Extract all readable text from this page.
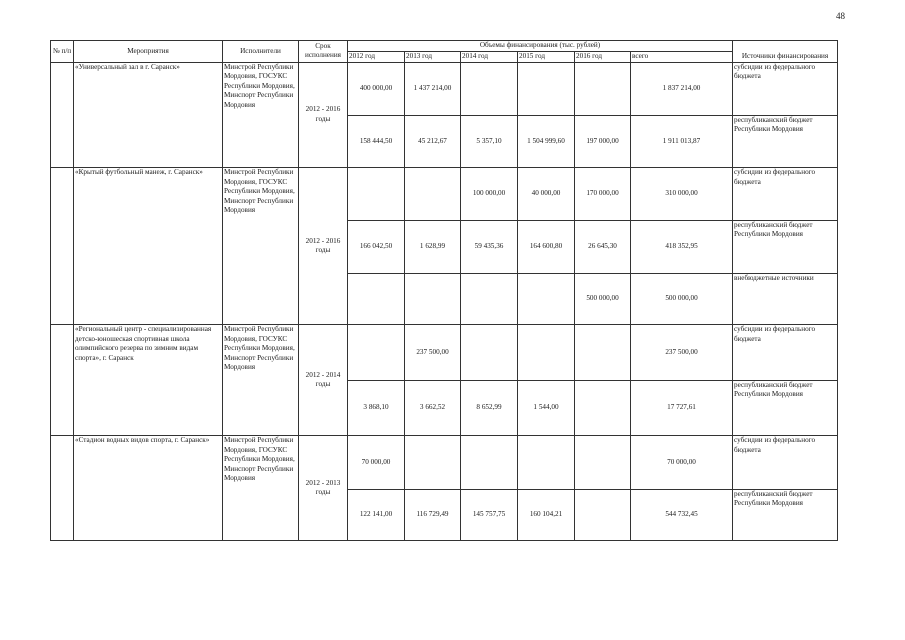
48
№ п/п	Мероприятия	Исполнители	Срок исполнения	Объемы финансирования (тыс. рублей)						Источники финансирования
				2012 год	2013 год	2014 год	2015 год	2016 год	всего	
	«Универсальный зал в г. Саранск»	Минстрой Республики Мордовия, ГОСУКС Республики Мордовия, Минспорт Республики Мордовия	2012 - 2016 годы	400 000,00	1 437 214,00				1 837 214,00	субсидии из федерального бюджета
				158 444,50	45 212,67	5 357,10	1 504 999,60	197 000,00	1 911 013,87	республиканский бюджет Республики Мордовия
	«Крытый футбольный манеж, г. Саранск»	Минстрой Республики Мордовия, ГОСУКС Республики Мордовия, Минспорт Республики Мордовия	2012 - 2016 годы			100 000,00	40 000,00	170 000,00	310 000,00	субсидии из федерального бюджета
				166 042,50	1 628,99	59 435,36	164 600,80	26 645,30	418 352,95	республиканский бюджет Республики Мордовия
								500 000,00	500 000,00	внебюджетные источники
	«Региональный центр - специализированная детско-юношеская спортивная школа олимпийского резерва по зимним видам спорта», г. Саранск	Минстрой Республики Мордовия, ГОСУКС Республики Мордовия, Минспорт Республики Мордовия	2012 - 2014 годы		237 500,00				237 500,00	субсидии из федерального бюджета
				3 868,10	3 662,52	8 652,99	1 544,00		17 727,61	республиканский бюджет Республики Мордовия
	«Стадион водных видов спорта, г. Саранск»	Минстрой Республики Мордовия, ГОСУКС Республики Мордовия, Минспорт Республики Мордовия	2012 - 2013 годы	70 000,00					70 000,00	субсидии из федерального бюджета
				122 141,00	116 729,49	145 757,75	160 104,21		544 732,45	республиканский бюджет Республики Мордовия
